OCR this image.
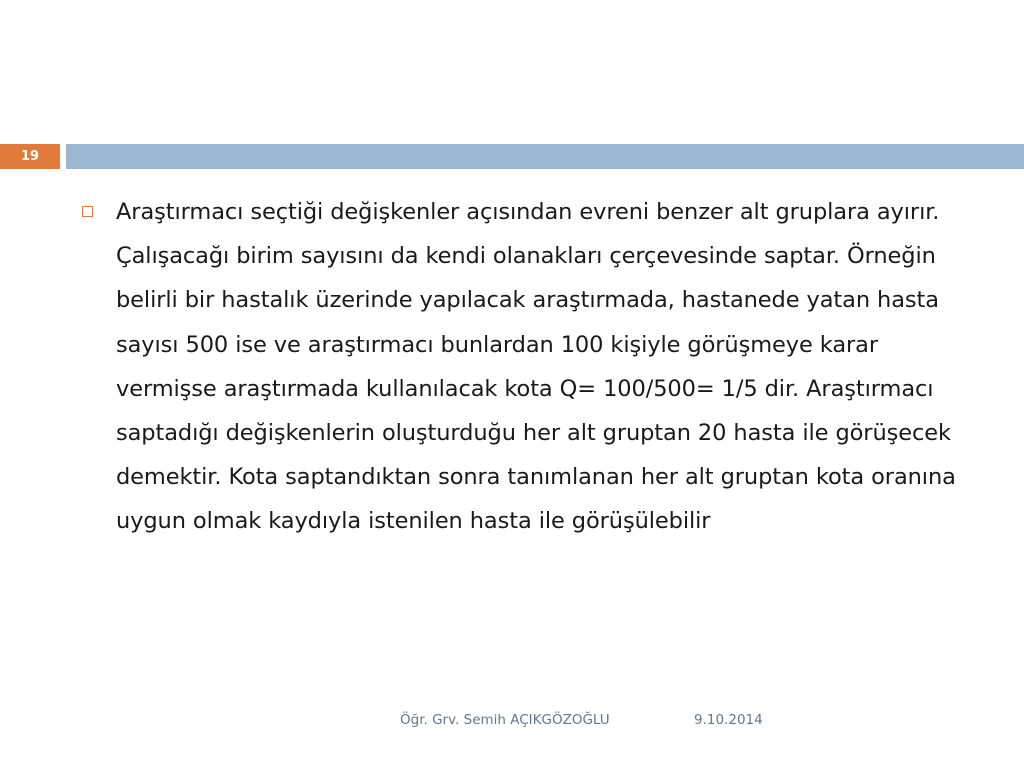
19
Araştırmacı seçtiği değişkenler açısından evreni benzer alt gruplara ayırır. Çalışacağı birim sayısını da kendi olanakları çerçevesinde saptar. Örneğin belirli bir hastalık üzerinde yapılacak araştırmada, hastanede yatan hasta sayısı 500 ise ve araştırmacı bunlardan 100 kişiyle görüşmeye karar vermişse araştırmada kullanılacak kota Q= 100/500= 1/5 dir. Araştırmacı saptadığı değişkenlerin oluşturduğu her alt gruptan 20 hasta ile görüşecek demektir. Kota saptandıktan sonra tanımlanan her alt gruptan kota oranına uygun olmak kaydıyla istenilen hasta ile görüşülebilir
Öğr. Grv. Semih AÇIKGÖZOĞLU	9.10.2014
